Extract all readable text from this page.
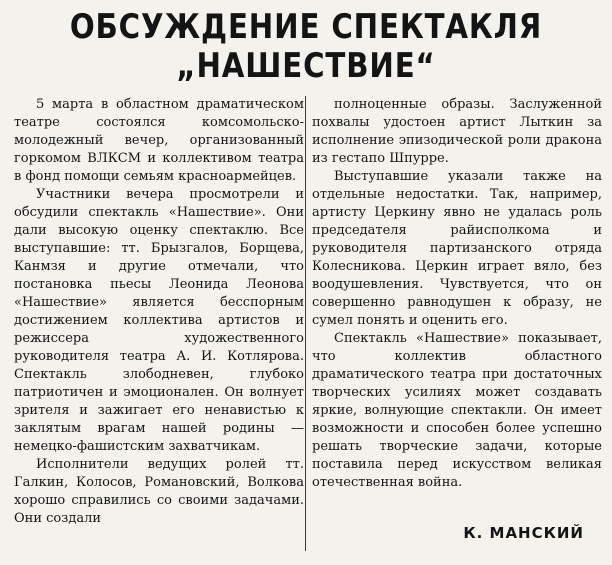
ОБСУЖДЕНИЕ СПЕКТАКЛЯ
„НАШЕСТВИЕ“

5 марта в областном драматическом театре состоялся комсомольско-молодежный вечер, организованный горкомом ВЛКСМ и коллективом театра в фонд помощи семьям красноармейцев.

Участники вечера просмотрели и обсудили спектакль «Нашествие». Они дали высокую оценку спектаклю. Все выступавшие: тт. Брызгалов, Борщева, Канмзя и другие отмечали, что постановка пьесы Леонида Леонова «Нашествие» является бесспорным достижением коллектива артистов и режиссера художественного руководителя театра А. И. Котлярова. Спектакль злободневен, глубоко патриотичен и эмоционален. Он волнует зрителя и зажигает его ненавистью к заклятым врагам нашей родины — немецко-фашистским захватчикам.

Исполнители ведущих ролей тт. Галкин, Колосов, Романовский, Волкова хорошо справились со своими задачами. Они создали

полноценные образы. Заслуженной похвалы удостоен артист Лыткин за исполнение эпизодической роли дракона из гестапо Шпурре.

Выступавшие указали также на отдельные недостатки. Так, например, артисту Церкину явно не удалась роль председателя райисполкома и руководителя партизанского отряда Колесникова. Церкин играет вяло, без воодушевления. Чувствуется, что он совершенно равнодушен к образу, не сумел понять и оценить его.

Спектакль «Нашествие» показывает, что коллектив областного драматического театра при достаточных творческих усилиях может создавать яркие, волнующие спектакли. Он имеет возможности и способен более успешно решать творческие задачи, которые поставила перед искусством великая отечественная война.

К. МАНСКИЙ
